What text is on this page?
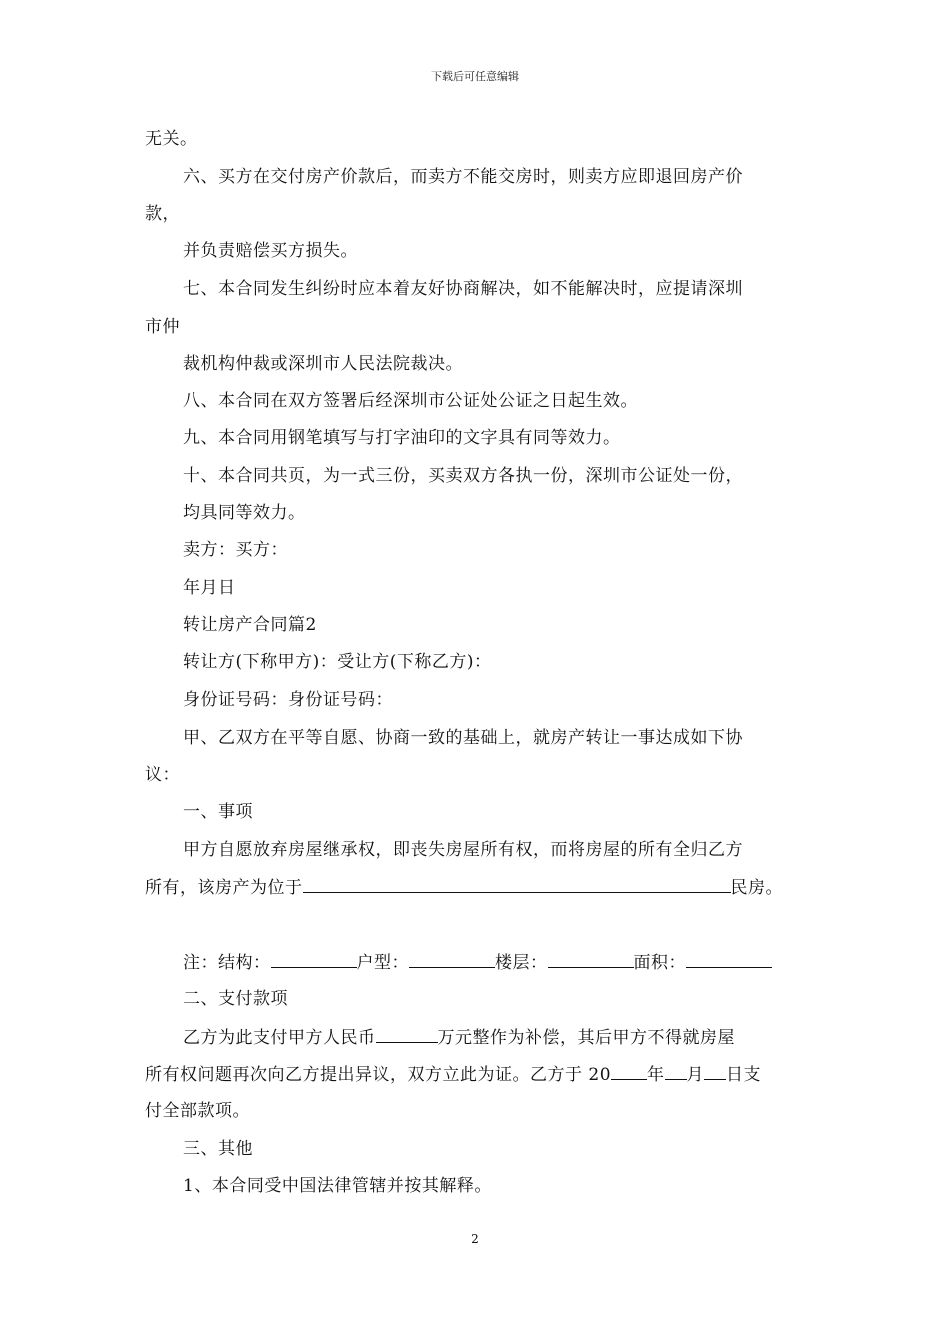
下载后可任意编辑
无关。
六、买方在交付房产价款后，而卖方不能交房时，则卖方应即退回房产价
款，
并负责赔偿买方损失。
七、本合同发生纠纷时应本着友好协商解决，如不能解决时，应提请深圳
市仲
裁机构仲裁或深圳市人民法院裁决。
八、本合同在双方签署后经深圳市公证处公证之日起生效。
九、本合同用钢笔填写与打字油印的文字具有同等效力。
十、本合同共页，为一式三份，买卖双方各执一份，深圳市公证处一份，
均具同等效力。
卖方：买方：
年月日
转让房产合同篇2
转让方(下称甲方)：受让方(下称乙方)：
身份证号码：身份证号码：
甲、乙双方在平等自愿、协商一致的基础上，就房产转让一事达成如下协
议：
一、事项
甲方自愿放弃房屋继承权，即丧失房屋所有权，而将房屋的所有全归乙方
所有，该房产为位于	民房。
注：结构：	户型：	楼层：	面积：
二、支付款项
乙方为此支付甲方人民币	万元整作为补偿，其后甲方不得就房屋
所有权问题再次向乙方提出异议，双方立此为证。乙方于 20 年 月 日支
付全部款项。
三、其他
1、本合同受中国法律管辖并按其解释。
2
